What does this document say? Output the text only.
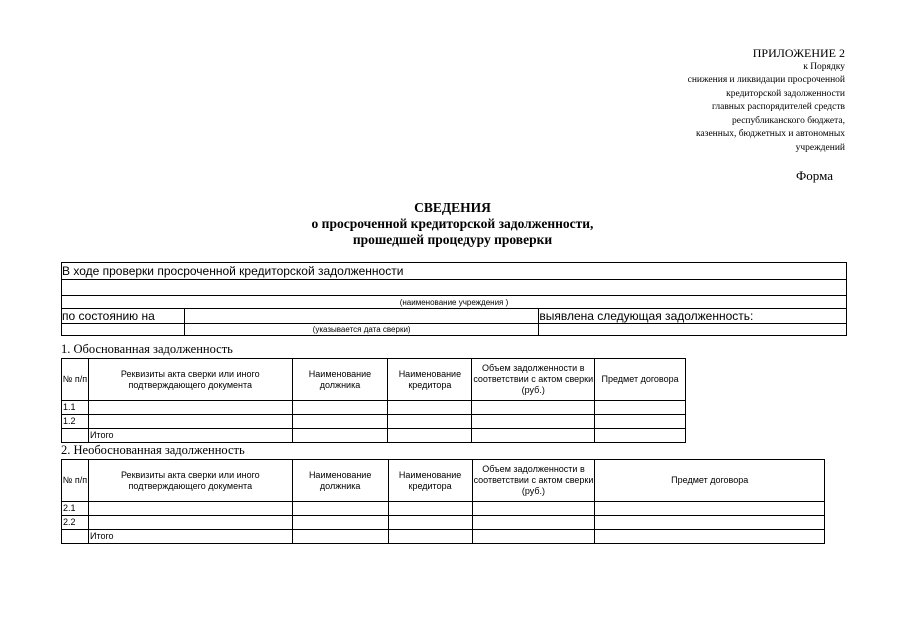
ПРИЛОЖЕНИЕ 2
к Порядку
снижения и ликвидации просроченной
кредиторской задолженности
главных распорядителей средств
республиканского бюджета,
казенных, бюджетных и автономных
учреждений
Форма
СВЕДЕНИЯ
о просроченной кредиторской задолженности,
прошедшей процедуру проверки
В ходе проверки просроченной кредиторской задолженности		

(наименование учреждения )		
по состоянию на		выявлена следующая задолженность:
	(указывается дата сверки)	
1. Обоснованная задолженность
№ п/п	Реквизиты акта сверки или иного подтверждающего документа	Наименование должника	Наименование кредитора	Объем задолженности в соответствии с актом сверки (руб.)	Предмет договора
1.1					
1.2					
	Итого				
2. Необоснованная задолженность
№ п/п	Реквизиты акта сверки или иного подтверждающего документа	Наименование должника	Наименование кредитора	Объем задолженности в соответствии с актом сверки (руб.)	Предмет договора
2.1					
2.2					
	Итого				
